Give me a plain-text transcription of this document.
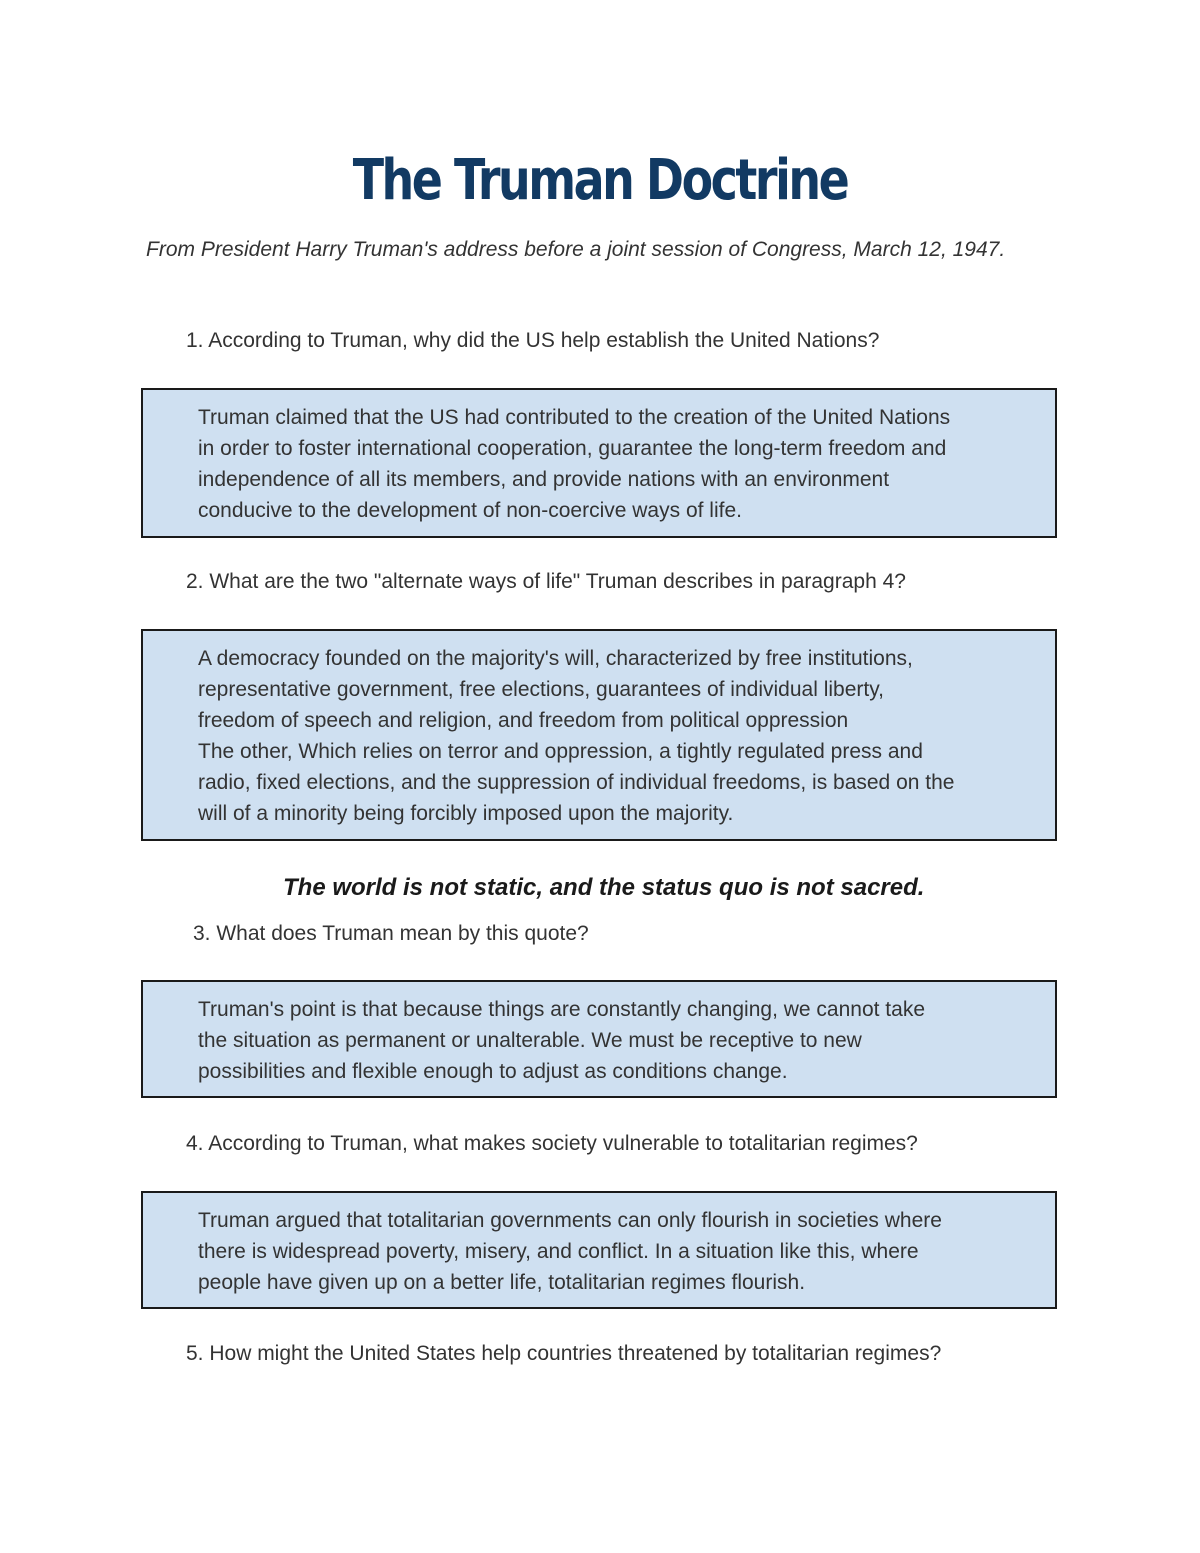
The Truman Doctrine
From President Harry Truman's address before a joint session of Congress, March 12, 1947.
1. According to Truman, why did the US help establish the United Nations?
Truman claimed that the US had contributed to the creation of the United Nations
in order to foster international cooperation, guarantee the long-term freedom and
independence of all its members, and provide nations with an environment
conducive to the development of non-coercive ways of life.
2. What are the two "alternate ways of life" Truman describes in paragraph 4?
A democracy founded on the majority's will, characterized by free institutions,
representative government, free elections, guarantees of individual liberty,
freedom of speech and religion, and freedom from political oppression
The other, Which relies on terror and oppression, a tightly regulated press and
radio, fixed elections, and the suppression of individual freedoms, is based on the
will of a minority being forcibly imposed upon the majority.
The world is not static, and the status quo is not sacred.
3. What does Truman mean by this quote?
Truman's point is that because things are constantly changing, we cannot take
the situation as permanent or unalterable. We must be receptive to new
possibilities and flexible enough to adjust as conditions change.
4. According to Truman, what makes society vulnerable to totalitarian regimes?
Truman argued that totalitarian governments can only flourish in societies where
there is widespread poverty, misery, and conflict. In a situation like this, where
people have given up on a better life, totalitarian regimes flourish.
5. How might the United States help countries threatened by totalitarian regimes?
